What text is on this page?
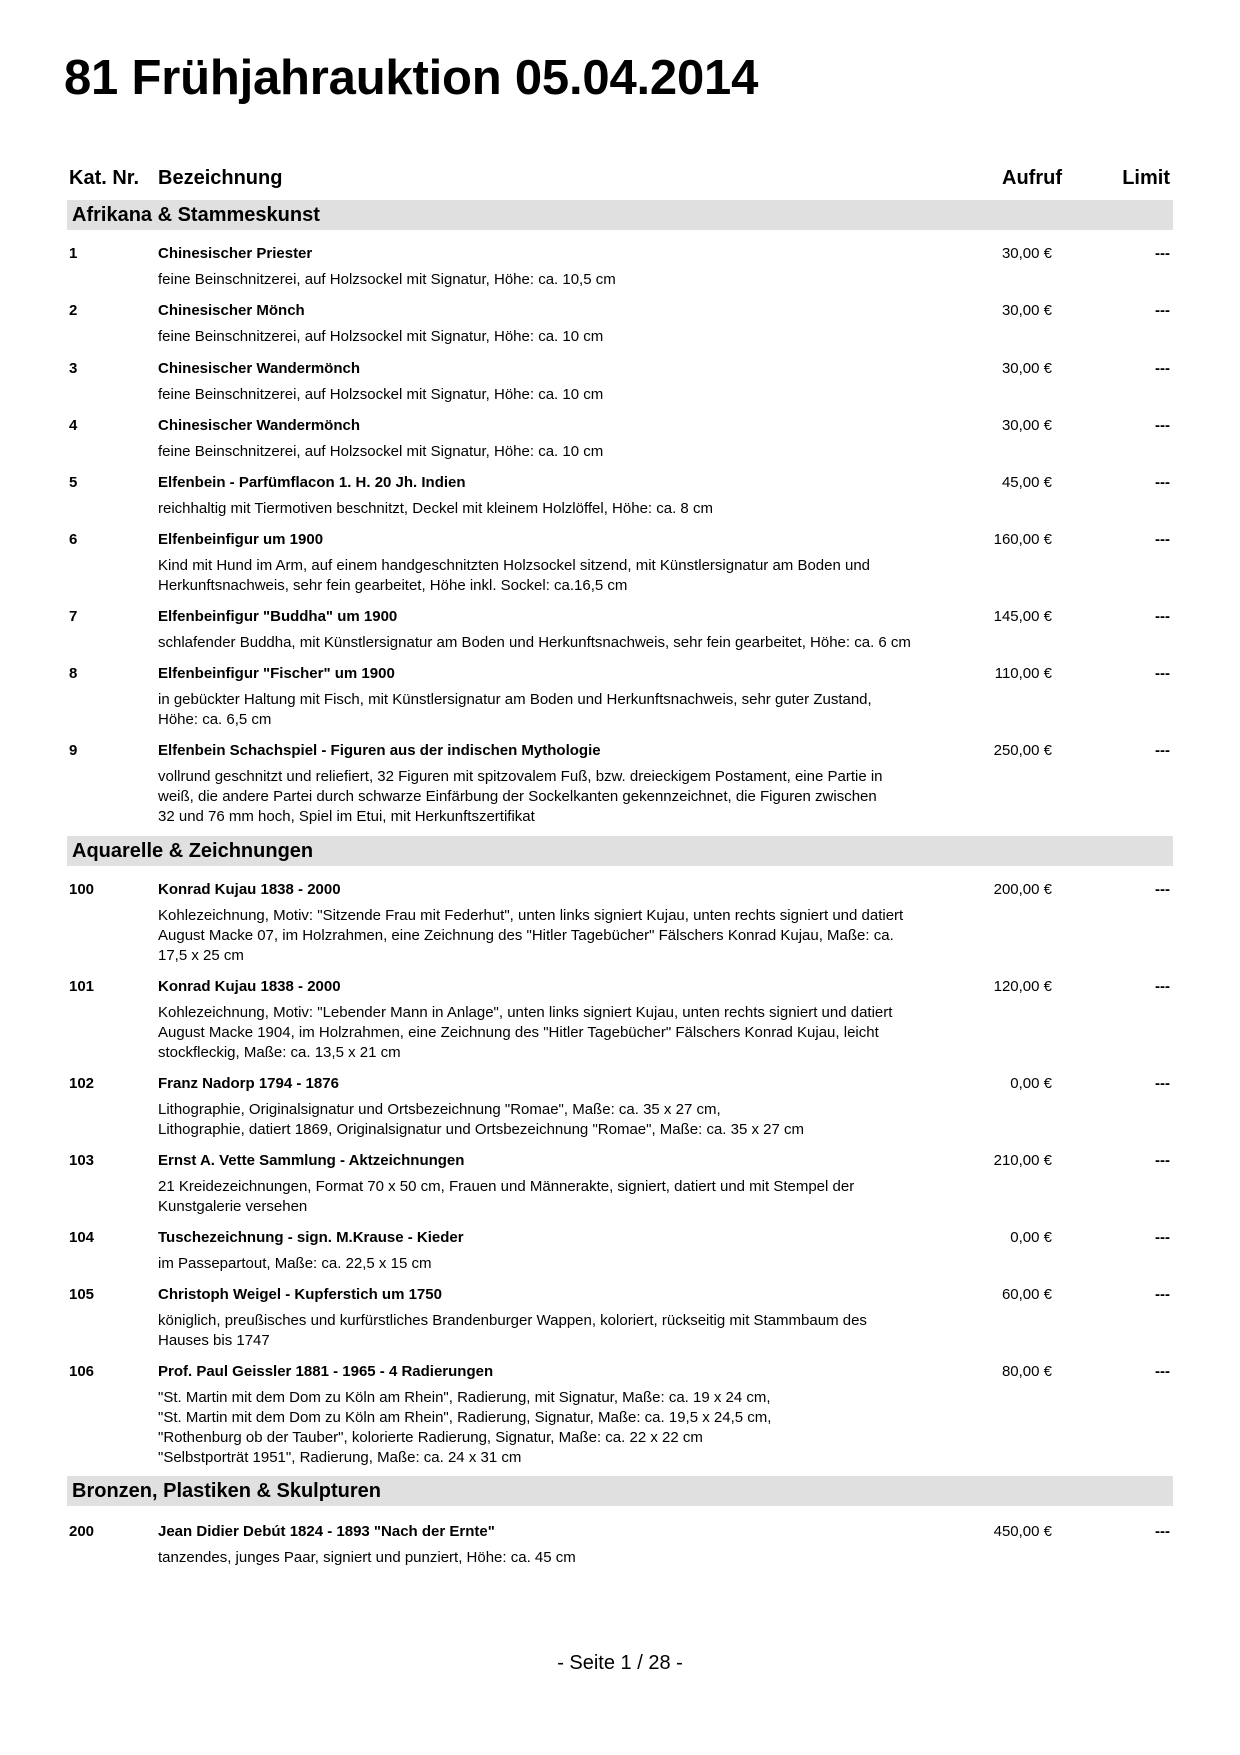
81 Frühjahrauktion 05.04.2014

Kat. Nr. Bezeichnung	Aufruf	Limit

Afrikana & Stammeskunst
1	Chinesischer Priester
feine Beinschnitzerei, auf Holzsockel mit Signatur, Höhe: ca. 10,5 cm
30,00 €	---
2	Chinesischer Mönch
feine Beinschnitzerei, auf Holzsockel mit Signatur, Höhe: ca. 10 cm
30,00 €	---
3	Chinesischer Wandermönch
feine Beinschnitzerei, auf Holzsockel mit Signatur, Höhe: ca. 10 cm
30,00 €	---
4	Chinesischer Wandermönch
feine Beinschnitzerei, auf Holzsockel mit Signatur, Höhe: ca. 10 cm
30,00 €	---
5	Elfenbein - Parfümflacon 1. H. 20 Jh. Indien
reichhaltig mit Tiermotiven beschnitzt, Deckel mit kleinem Holzlöffel, Höhe: ca. 8 cm
45,00 €	---
6	Elfenbeinfigur um 1900
Kind mit Hund im Arm, auf einem handgeschnitzten Holzsockel sitzend, mit Künstlersignatur am Boden und
Herkunftsnachweis, sehr fein gearbeitet, Höhe inkl. Sockel: ca.16,5 cm
160,00 €	---
7	Elfenbeinfigur "Buddha" um 1900
schlafender Buddha, mit Künstlersignatur am Boden und Herkunftsnachweis, sehr fein gearbeitet, Höhe: ca. 6 cm
145,00 €	---
8	Elfenbeinfigur "Fischer" um 1900
in gebückter Haltung mit Fisch, mit Künstlersignatur am Boden und Herkunftsnachweis, sehr guter Zustand,
Höhe: ca. 6,5 cm
110,00 €	---
9	Elfenbein Schachspiel - Figuren aus der indischen Mythologie
vollrund geschnitzt und reliefiert, 32 Figuren mit spitzovalem Fuß, bzw. dreieckigem Postament, eine Partie in
weiß, die andere Partei durch schwarze Einfärbung der Sockelkanten gekennzeichnet, die Figuren zwischen
32 und 76 mm hoch, Spiel im Etui, mit Herkunftszertifikat
250,00 €	---
Aquarelle & Zeichnungen
100	Konrad Kujau 1838 - 2000
Kohlezeichnung, Motiv: "Sitzende Frau mit Federhut", unten links signiert Kujau, unten rechts signiert und datiert
August Macke 07, im Holzrahmen, eine Zeichnung des "Hitler Tagebücher" Fälschers Konrad Kujau, Maße: ca.
17,5 x 25 cm
200,00 €	---
101	Konrad Kujau 1838 - 2000
Kohlezeichnung, Motiv: "Lebender Mann in Anlage", unten links signiert Kujau, unten rechts signiert und datiert
August Macke 1904, im Holzrahmen, eine Zeichnung des "Hitler Tagebücher" Fälschers Konrad Kujau, leicht
stockfleckig, Maße: ca. 13,5 x 21 cm
120,00 €	---
102	Franz Nadorp 1794 - 1876
Lithographie, Originalsignatur und Ortsbezeichnung "Romae", Maße: ca. 35 x 27 cm,
Lithographie, datiert 1869, Originalsignatur und Ortsbezeichnung "Romae", Maße: ca. 35 x 27 cm
0,00 €	---
103	Ernst A. Vette Sammlung - Aktzeichnungen
21 Kreidezeichnungen, Format 70 x 50 cm, Frauen und Männerakte, signiert, datiert und mit Stempel der
Kunstgalerie versehen
210,00 €	---
104	Tuschezeichnung - sign. M.Krause - Kieder
im Passepartout, Maße: ca. 22,5 x 15 cm
0,00 €	---
105	Christoph Weigel - Kupferstich um 1750
königlich, preußisches und kurfürstliches Brandenburger Wappen, koloriert, rückseitig mit Stammbaum des
Hauses bis 1747
60,00 €	---
106	Prof. Paul Geissler 1881 - 1965 - 4 Radierungen
"St. Martin mit dem Dom zu Köln am Rhein", Radierung, mit Signatur, Maße: ca. 19 x 24 cm,
"St. Martin mit dem Dom zu Köln am Rhein", Radierung, Signatur, Maße: ca. 19,5 x 24,5 cm,
"Rothenburg ob der Tauber", kolorierte Radierung, Signatur, Maße: ca. 22 x 22 cm
"Selbstporträt 1951", Radierung, Maße: ca. 24 x 31 cm
80,00 €	---
Bronzen, Plastiken & Skulpturen
200	Jean Didier Debút 1824 - 1893 "Nach der Ernte"
tanzendes, junges Paar, signiert und punziert, Höhe: ca. 45 cm
450,00 €	---

- Seite 1 / 28 -
